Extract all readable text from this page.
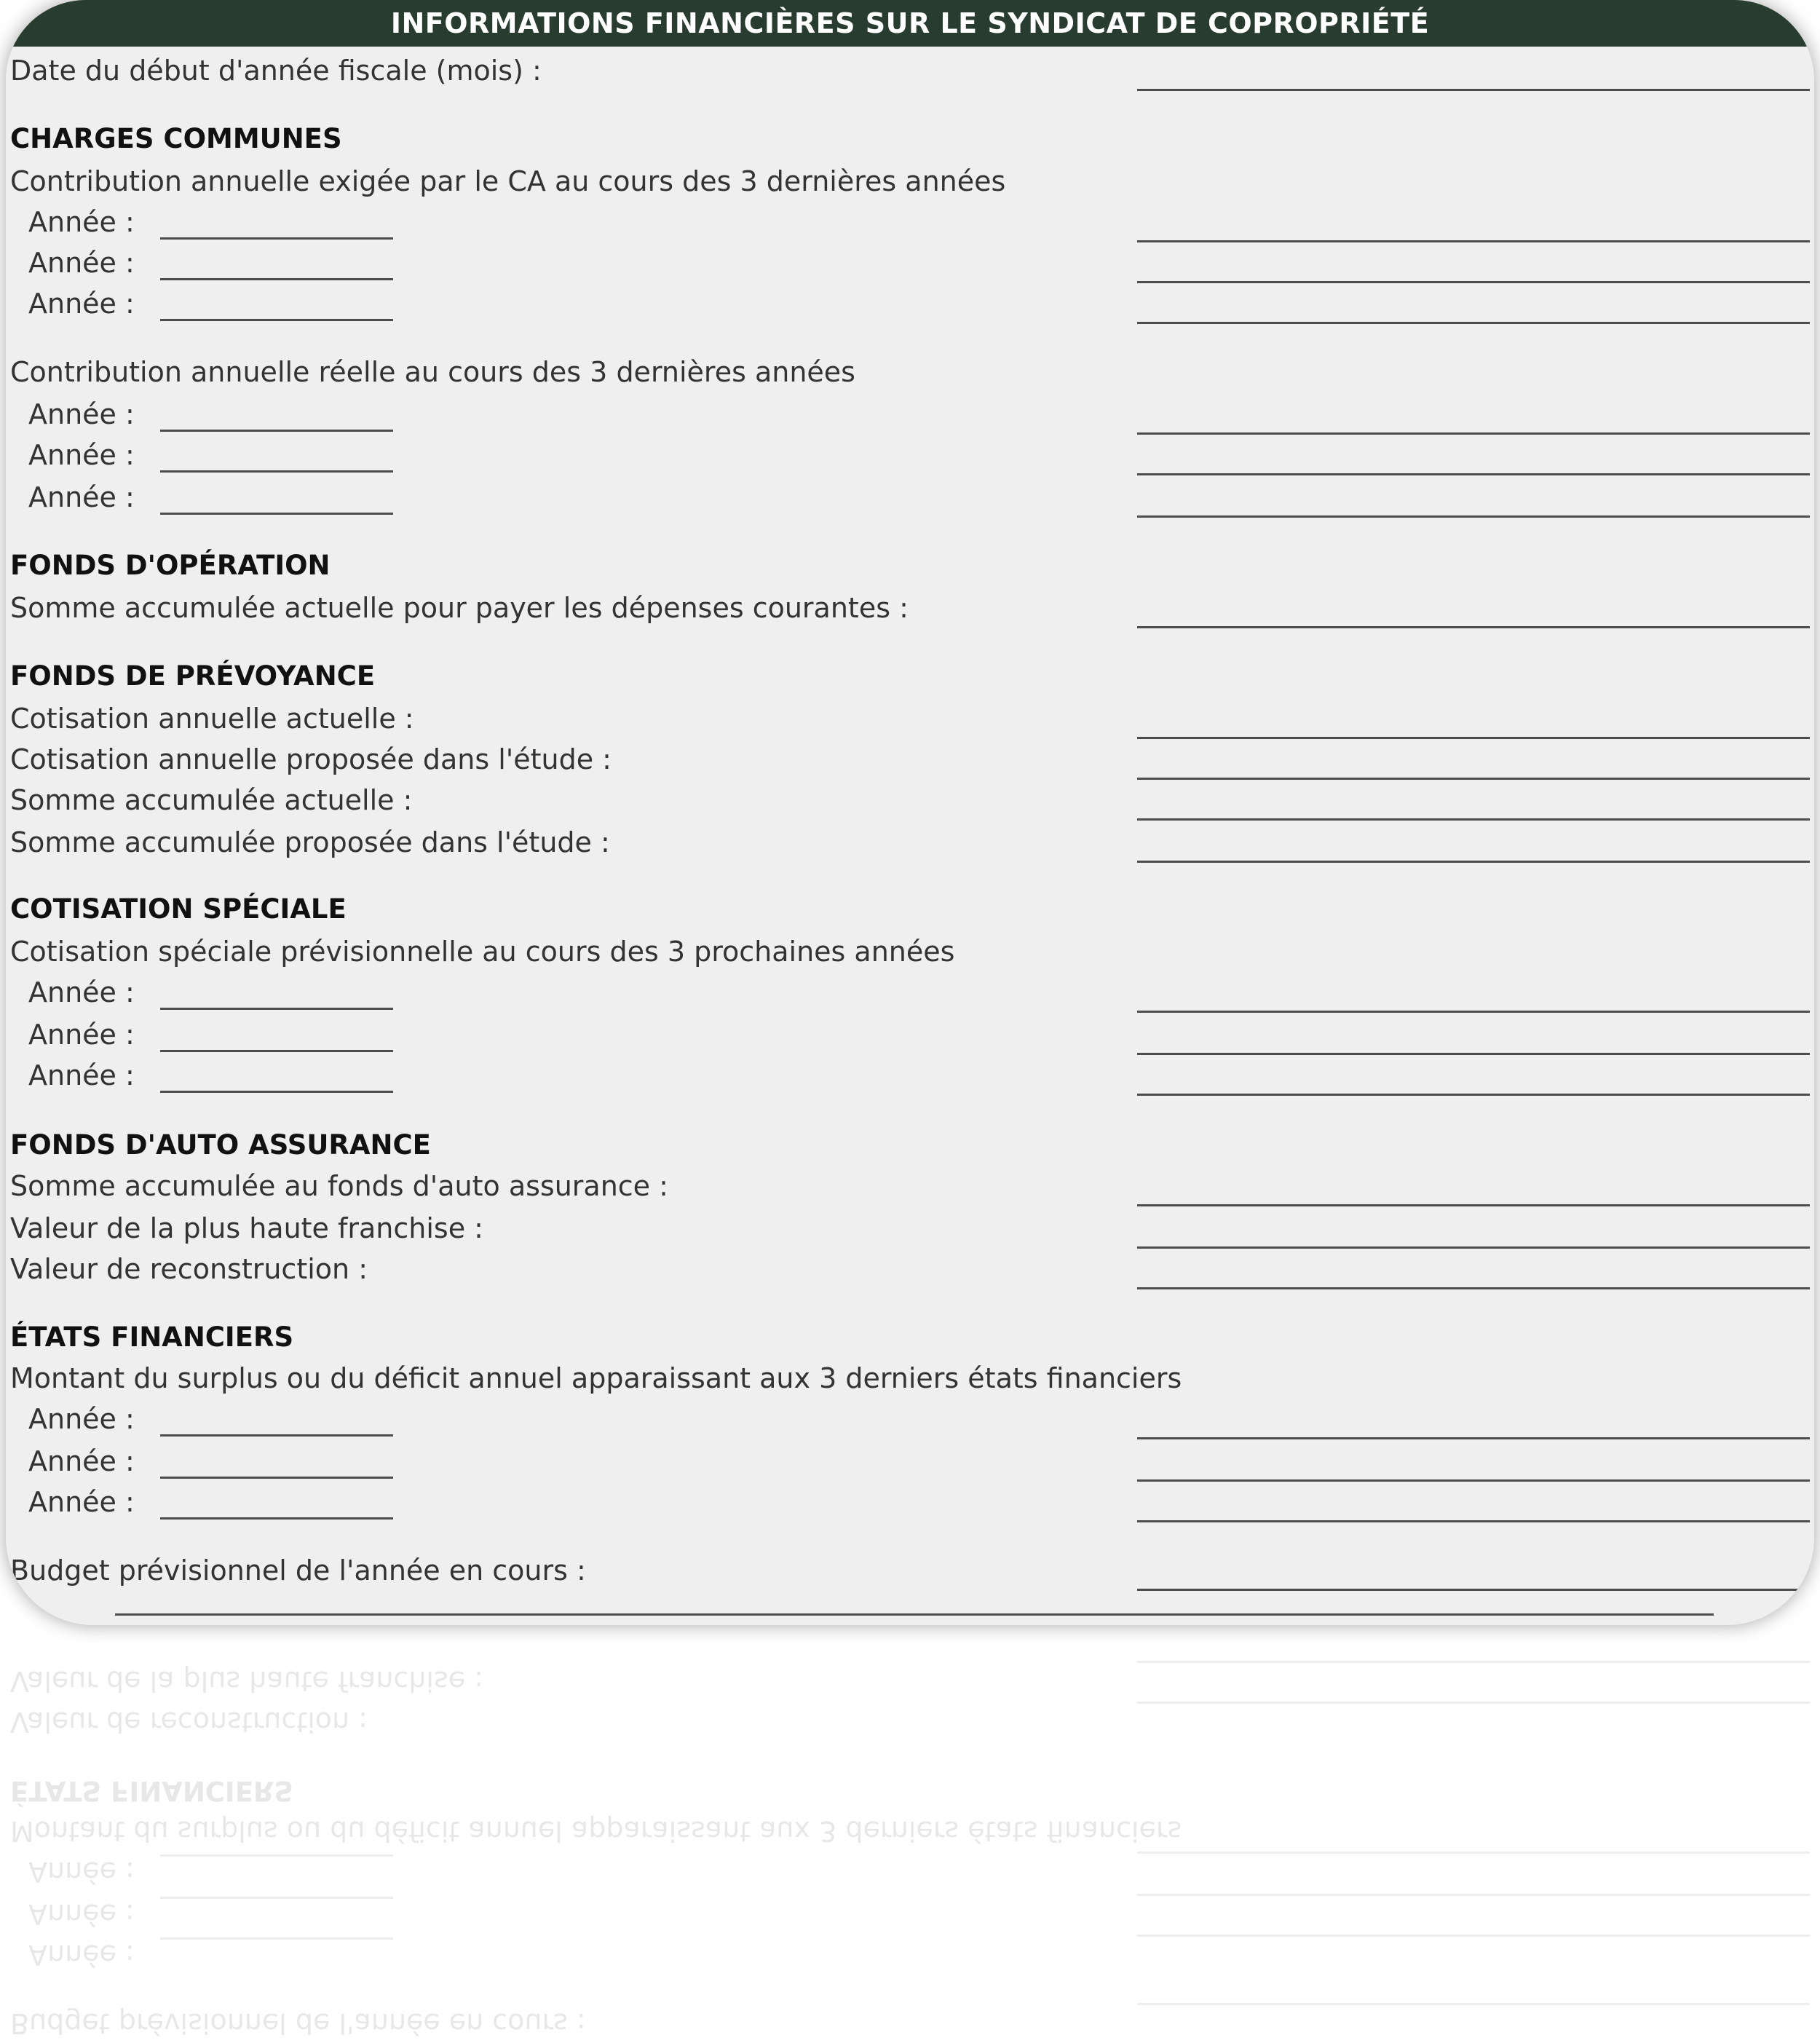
INFORMATIONS FINANCIÈRES SUR LE SYNDICAT DE COPROPRIÉTÉ
Date du début d'année fiscale (mois) :
CHARGES COMMUNES
Contribution annuelle exigée par le CA au cours des 3 dernières années
Année :
Année :
Année :
Contribution annuelle réelle au cours des 3 dernières années
Année :
Année :
Année :
FONDS D'OPÉRATION
Somme accumulée actuelle pour payer les dépenses courantes :
FONDS DE PRÉVOYANCE
Cotisation annuelle actuelle :
Cotisation annuelle proposée dans l'étude :
Somme accumulée actuelle :
Somme accumulée proposée dans l'étude :
COTISATION SPÉCIALE
Cotisation spéciale prévisionnelle au cours des 3 prochaines années
Année :
Année :
Année :
FONDS D'AUTO ASSURANCE
Somme accumulée au fonds d'auto assurance :
Valeur de la plus haute franchise :
Valeur de reconstruction :
ÉTATS FINANCIERS
Montant du surplus ou du déficit annuel apparaissant aux 3 derniers états financiers
Année :
Année :
Année :
Budget prévisionnel de l'année en cours :
Budget prévisionnel de l'année en cours :
Année :
Année :
Année :
Montant du surplus ou du déficit annuel apparaissant aux 3 derniers états financiers
ÉTATS FINANCIERS
Valeur de reconstruction :
Valeur de la plus haute franchise :
